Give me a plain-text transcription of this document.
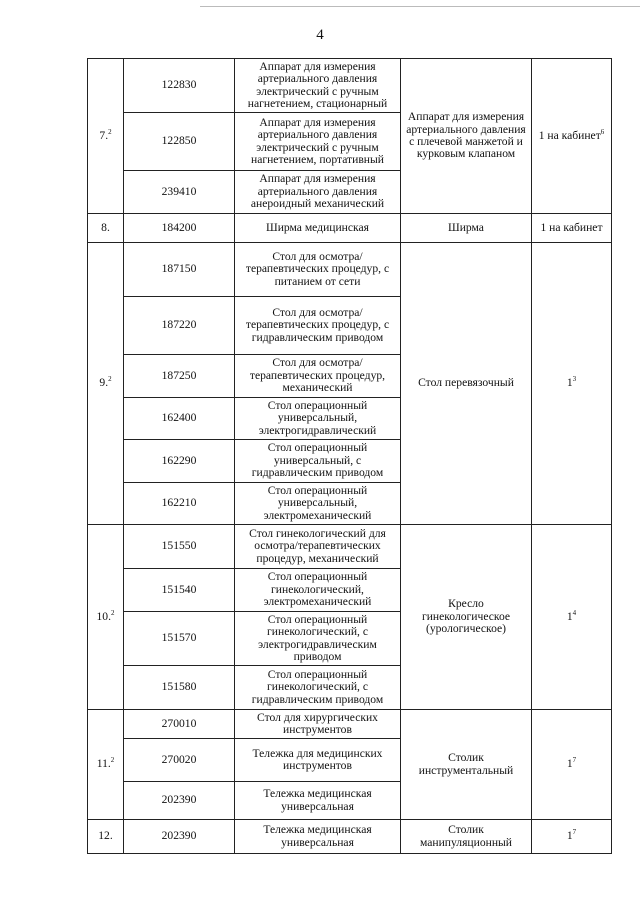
4
7.$^2$	122830	Аппарат для измерения артериального давления электрический с ручным нагнетением, стационарный	Аппарат для измерения артериального давления с плечевой манжетой и курковым клапаном	1 на кабинет$^6$
	122850	Аппарат для измерения артериального давления электрический с ручным нагнетением, портативный		
	239410	Аппарат для измерения артериального давления анероидный механический		
8.	184200	Ширма медицинская	Ширма	1 на кабинет
9.$^2$	187150	Стол для осмотра/терапевтических процедур, с питанием от сети	Стол перевязочный	$1^3$
	187220	Стол для осмотра/терапевтических процедур, с гидравлическим приводом		
	187250	Стол для осмотра/терапевтических процедур, механический		
	162400	Стол операционный универсальный, электрогидравлический		
	162290	Стол операционный универсальный, с гидравлическим приводом		
	162210	Стол операционный универсальный, электромеханический		
10.$^2$	151550	Стол гинекологический для осмотра/терапевтических процедур, механический	Кресло гинекологическое (урологическое)	$1^4$
	151540	Стол операционный гинекологический, электромеханический		
	151570	Стол операционный гинекологический, с электрогидравлическим приводом		
	151580	Стол операционный гинекологический, с гидравлическим приводом		
11.$^2$	270010	Стол для хирургических инструментов	Столик инструментальный	$1^7$
	270020	Тележка для медицинских инструментов		
	202390	Тележка медицинская универсальная		
12.	202390	Тележка медицинская универсальная	Столик манипуляционный	$1^7$
